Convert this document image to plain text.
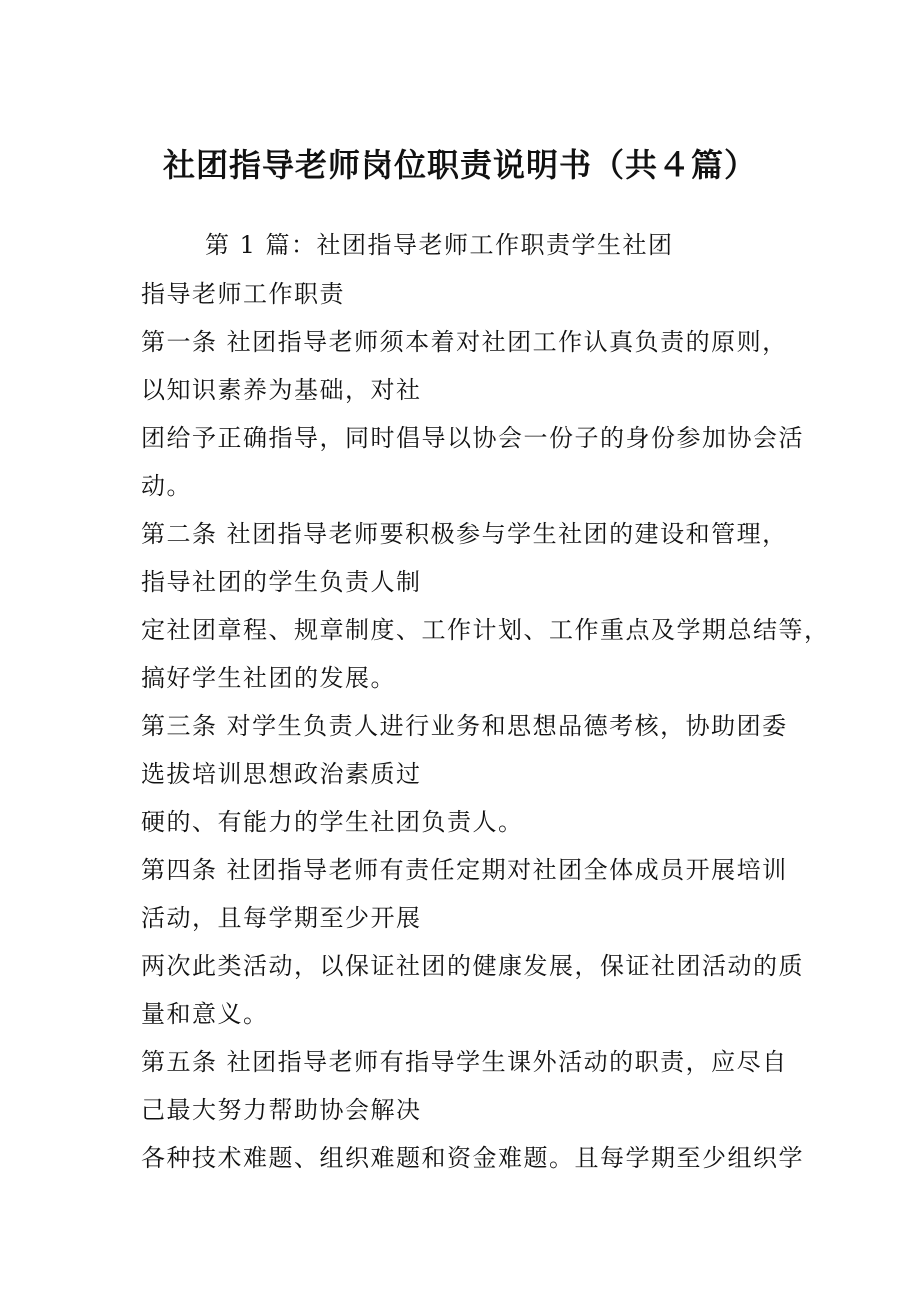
社团指导老师岗位职责说明书（共４篇）
第 1 篇：社团指导老师工作职责学生社团
指导老师工作职责
第一条 社团指导老师须本着对社团工作认真负责的原则，
以知识素养为基础，对社
团给予正确指导，同时倡导以协会一份子的身份参加协会活
动。
第二条 社团指导老师要积极参与学生社团的建设和管理，
指导社团的学生负责人制
定社团章程、规章制度、工作计划、工作重点及学期总结等，
搞好学生社团的发展。
第三条 对学生负责人进行业务和思想品德考核，协助团委
选拔培训思想政治素质过
硬的、有能力的学生社团负责人。
第四条 社团指导老师有责任定期对社团全体成员开展培训
活动，且每学期至少开展
两次此类活动，以保证社团的健康发展，保证社团活动的质
量和意义。
第五条 社团指导老师有指导学生课外活动的职责，应尽自
己最大努力帮助协会解决
各种技术难题、组织难题和资金难题。且每学期至少组织学
